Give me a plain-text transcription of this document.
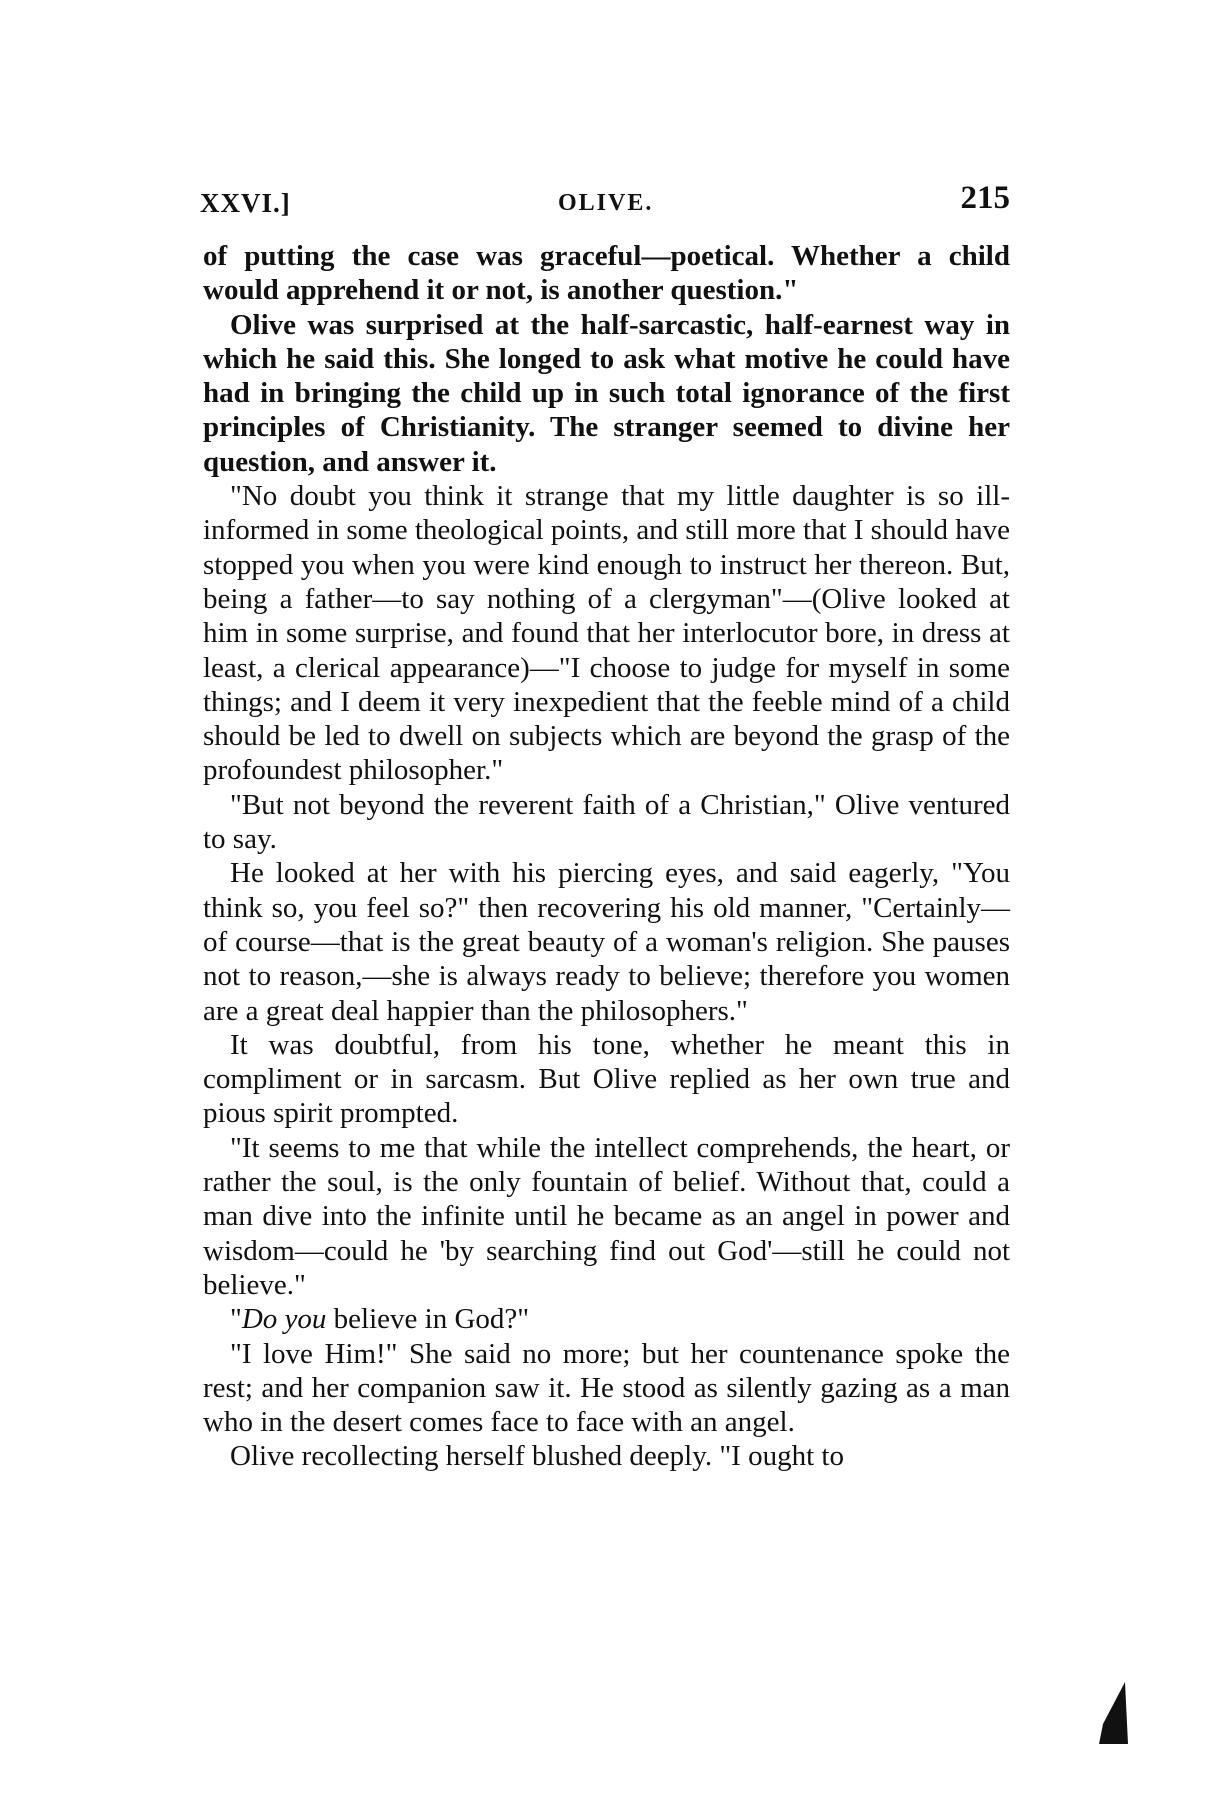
XXVI.]	OLIVE.	215

of putting the case was graceful—poetical. Whether a child would apprehend it or not, is another question."

Olive was surprised at the half-sarcastic, half-earnest way in which he said this. She longed to ask what motive he could have had in bringing the child up in such total ignorance of the first principles of Christianity. The stranger seemed to divine her question, and answer it.

"No doubt you think it strange that my little daughter is so ill-informed in some theological points, and still more that I should have stopped you when you were kind enough to instruct her thereon. But, being a father—to say nothing of a clergyman"—(Olive looked at him in some surprise, and found that her interlocutor bore, in dress at least, a clerical appearance)—"I choose to judge for myself in some things; and I deem it very inexpedient that the feeble mind of a child should be led to dwell on subjects which are beyond the grasp of the profoundest philosopher."

"But not beyond the reverent faith of a Christian," Olive ventured to say.

He looked at her with his piercing eyes, and said eagerly, "You think so, you feel so?" then recovering his old manner, "Certainly—of course—that is the great beauty of a woman's religion. She pauses not to reason,—she is always ready to believe; therefore you women are a great deal happier than the philosophers."

It was doubtful, from his tone, whether he meant this in compliment or in sarcasm. But Olive replied as her own true and pious spirit prompted.

"It seems to me that while the intellect comprehends, the heart, or rather the soul, is the only fountain of belief. Without that, could a man dive into the infinite until he became as an angel in power and wisdom—could he 'by searching find out God'—still he could not believe."

"Do you believe in God?"

"I love Him!" She said no more; but her countenance spoke the rest; and her companion saw it. He stood as silently gazing as a man who in the desert comes face to face with an angel.

Olive recollecting herself blushed deeply. "I ought to
